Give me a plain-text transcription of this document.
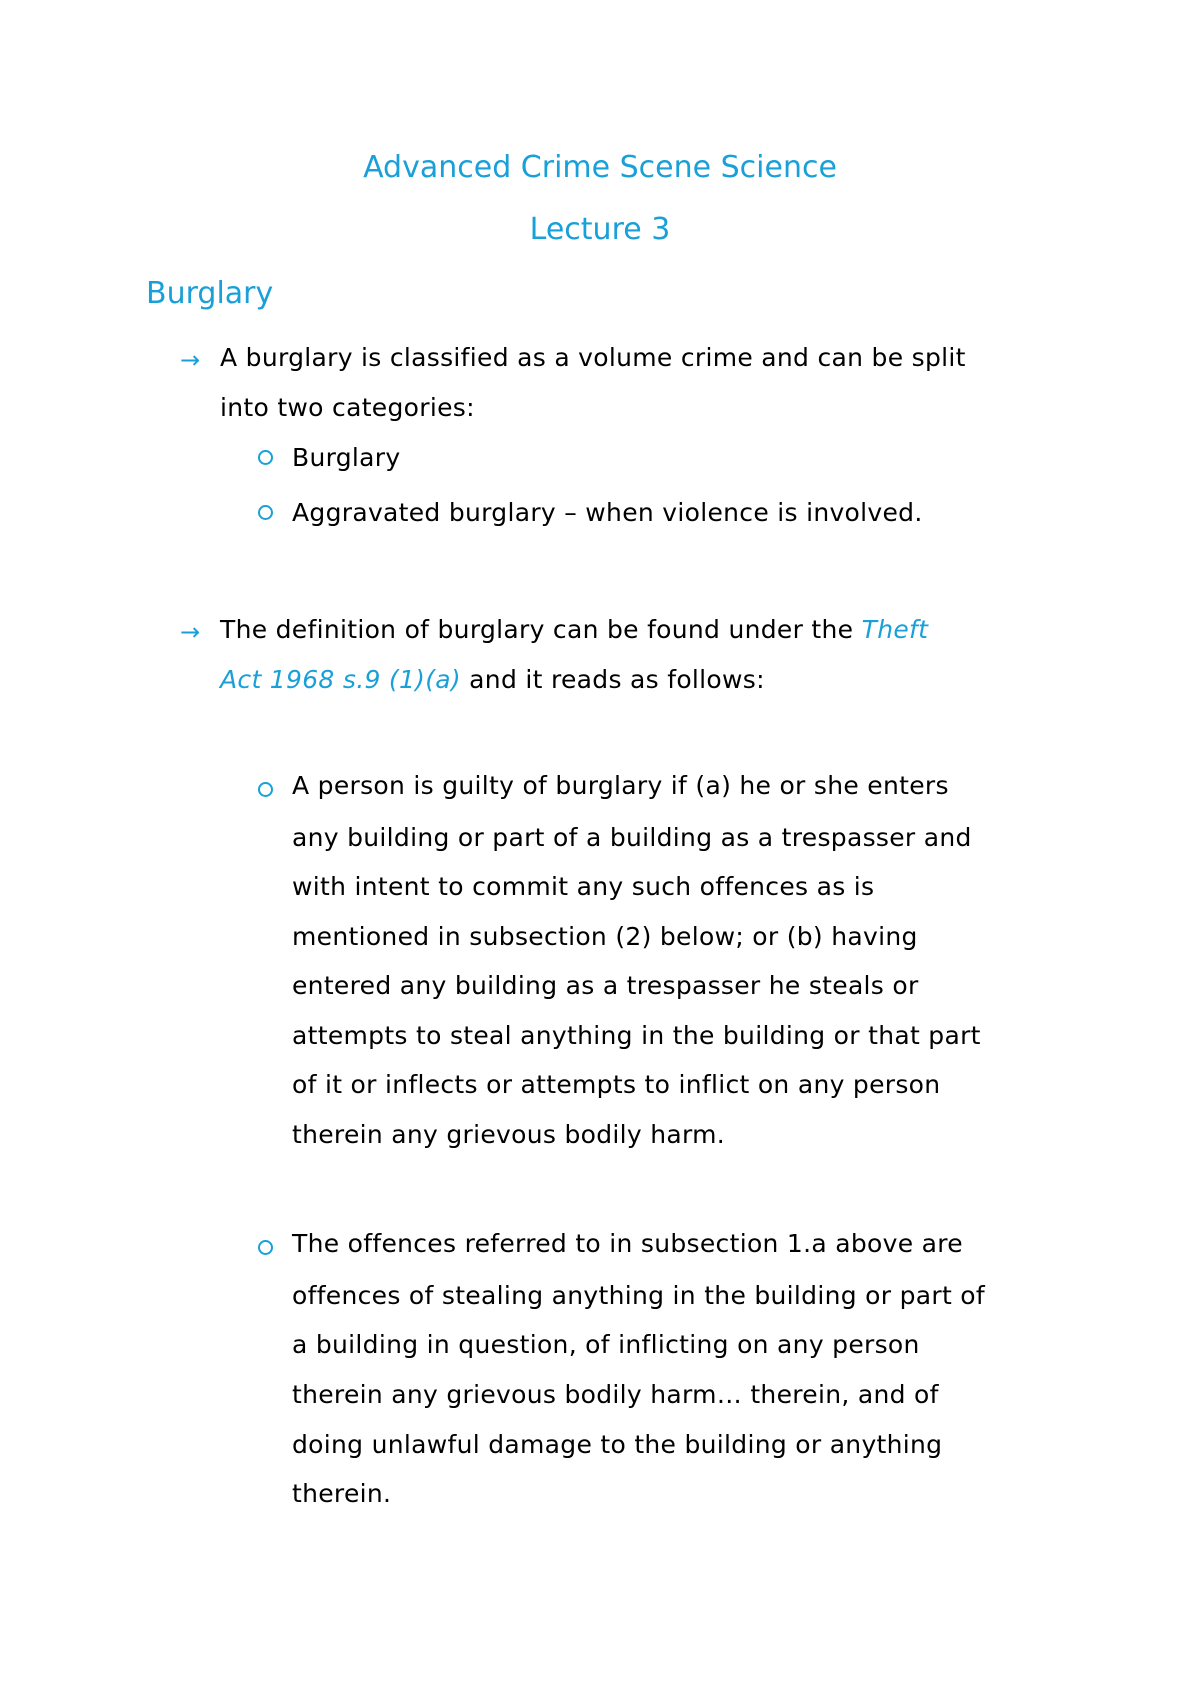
Advanced Crime Scene Science
Lecture 3
Burglary
→ A burglary is classified as a volume crime and can be split
into two categories:
Burglary
Aggravated burglary – when violence is involved.
→ The definition of burglary can be found under the Theft
Act 1968 s.9 (1)(a) and it reads as follows:
A person is guilty of burglary if (a) he or she enters
any building or part of a building as a trespasser and
with intent to commit any such offences as is
mentioned in subsection (2) below; or (b) having
entered any building as a trespasser he steals or
attempts to steal anything in the building or that part
of it or inflects or attempts to inflict on any person
therein any grievous bodily harm.
The offences referred to in subsection 1.a above are
offences of stealing anything in the building or part of
a building in question, of inflicting on any person
therein any grievous bodily harm… therein, and of
doing unlawful damage to the building or anything
therein.
